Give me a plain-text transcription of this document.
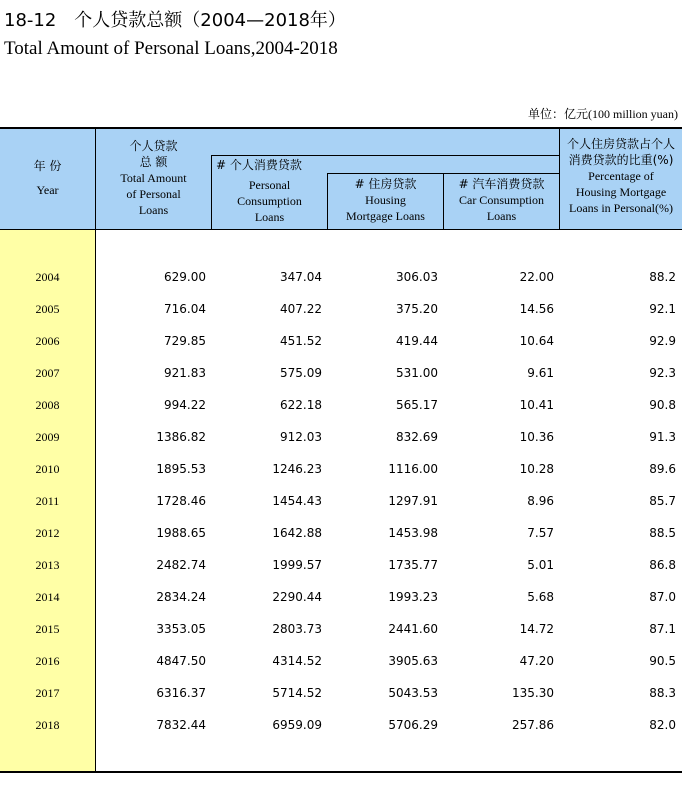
18-12　个人贷款总额（2004—2018年）
Total Amount of Personal Loans,2004-2018
单位：亿元(100 million yuan)
年 份
Year
个人贷款
总 额
Total Amount
of Personal
Loans
# 个人消费贷款
Personal
Consumption
Loans
# 住房贷款
Housing
Mortgage Loans
# 汽车消费贷款
Car Consumption
Loans
个人住房贷款占个人
消费贷款的比重(%)
Percentage of
Housing Mortgage
Loans in Personal(%)
2004	629.00	347.04	306.03	22.00	88.2
2005	716.04	407.22	375.20	14.56	92.1
2006	729.85	451.52	419.44	10.64	92.9
2007	921.83	575.09	531.00	9.61	92.3
2008	994.22	622.18	565.17	10.41	90.8
2009	1386.82	912.03	832.69	10.36	91.3
2010	1895.53	1246.23	1116.00	10.28	89.6
2011	1728.46	1454.43	1297.91	8.96	85.7
2012	1988.65	1642.88	1453.98	7.57	88.5
2013	2482.74	1999.57	1735.77	5.01	86.8
2014	2834.24	2290.44	1993.23	5.68	87.0
2015	3353.05	2803.73	2441.60	14.72	87.1
2016	4847.50	4314.52	3905.63	47.20	90.5
2017	6316.37	5714.52	5043.53	135.30	88.3
2018	7832.44	6959.09	5706.29	257.86	82.0
